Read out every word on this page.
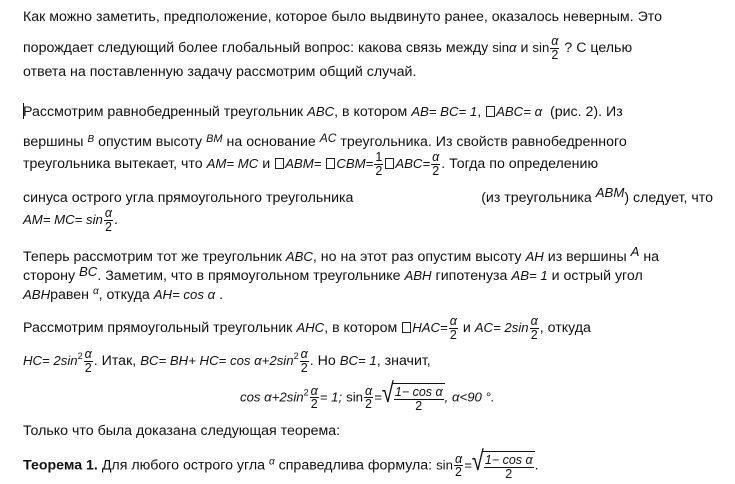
Как можно заметить, предположение, которое было выдвинуто ранее, оказалось неверным. Это
порождает следующий более глобальный вопрос: какова связь между sinα и $\sin \frac{\alpha}{2}$ ? С целью
ответа на поставленную задачу рассмотрим общий случай.
Рассмотрим равнобедренный треугольник ABC, в котором AB= BC= 1, ABC= α (рис. 2). Из
вершины $^B$ опустим высоту $^{BM}$ на основание $^{AC}$ треугольника. Из свойств равнобедренного
треугольника вытекает, что AM= MC и $ABM= CBM= \frac{1}{2} ABC= \frac{\alpha}{2}$ . Тогда по определению
синуса острого угла прямоугольного треугольника	(из треугольника ABM) следует, что
$AM= MC= \sin \frac{\alpha}{2}$ .
Теперь рассмотрим тот же треугольник ABC, но на этот раз опустим высоту AH из вершины A на
сторону BC. Заметим, что в прямоугольном треугольнике ABH гипотенуза AB= 1 и острый угол
ABHравен $^\alpha$, откуда AH= cos α .
Рассмотрим прямоугольный треугольник AHC, в котором $HAC= \frac{\alpha}{2}$ и $AC= 2\sin \frac{\alpha}{2}$ , откуда
$HC= 2\sin^2 \frac{\alpha}{2}$ . Итак, $BC= BH+ HC= \cos \alpha+2\sin^2 \frac{\alpha}{2}$ . Но BC= 1, значит,
$\cos \alpha+2\sin^2 \frac{\alpha}{2} = 1$; $\sin \frac{\alpha}{2}$ = √ $\frac{\text{1− cos α}}{2}$ , α<90 °.
Только что была доказана следующая теорема:
Теорема 1. Для любого острого угла $^\alpha$ справедлива формула: $\sin \frac{\alpha}{2}$ = √ $\frac{\text{1− cos α}}{2}$ .
